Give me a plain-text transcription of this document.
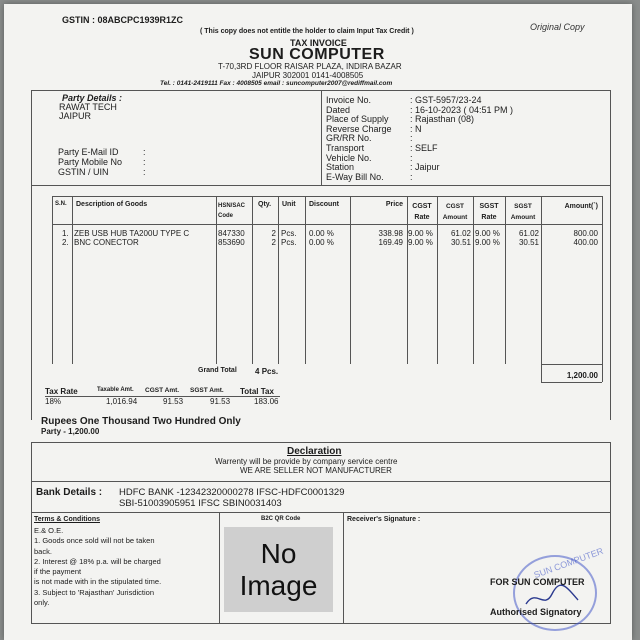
GSTIN : 08ABCPC1939R1ZC
Original Copy
( This copy does not entitle the holder to claim Input Tax Credit )
TAX INVOICE
SUN COMPUTER
T-70,3RD FLOOR RAISAR PLAZA, INDIRA BAZAR
JAIPUR 302001 0141-4008505
Tel. : 0141-2419111 Fax : 4008505 email : suncomputer2007@rediffmail.com
Party Details :
RAWAT TECH
JAIPUR
Party E-Mail ID	:
Party Mobile No :
GSTIN / UIN	:
Invoice No.	: GST-5957/23-24
Dated	: 16-10-2023 ( 04:51 PM )
Place of Supply : Rajasthan (08)
Reverse Charge : N
GR/RR No.	:
Transport	: SELF
Vehicle No.	:
Station	: Jaipur
E-Way Bill No.	:
S.N. Description of Goods	HSN/SAC Code
Qty. Unit Discount	Price	CGST Rate
CGST Amount
SGST Rate
SGST Amount
Amount(`)
1. ZEB USB HUB TA200U TYPE C	847330	2 Pcs. 0.00 %	338.98 9.00 %	61.02 9.00 %	61.02	800.00
2. BNC CONECTOR	853690	2 Pcs. 0.00 %	169.49 9.00 %	30.51 9.00 %	30.51	400.00
Grand Total 4 Pcs.	1,200.00
Tax Rate	Taxable Amt. CGST Amt. SGST Amt. Total Tax
18%	1,016.94	91.53	91.53	183.06
Rupees One Thousand Two Hundred Only
Party - 1,200.00
Declaration
Warrenty will be provide by company service centre
WE ARE SELLER NOT MANUFACTURER
Bank Details : HDFC BANK -12342320000278 IFSC-HDFC0001329
SBI-51003905951 IFSC SBIN0031403
Terms & Conditions
E.& O.E.
1. Goods once sold will not be taken
back.
2. Interest @ 18% p.a. will be charged
if the payment
is not made with in the stipulated time.
3. Subject to 'Rajasthan' Jurisdiction
only.
B2C QR Code
No
Image
Receiver's Signature :
SUN COMPUTER
FOR SUN COMPUTER
Authorised Signatory
